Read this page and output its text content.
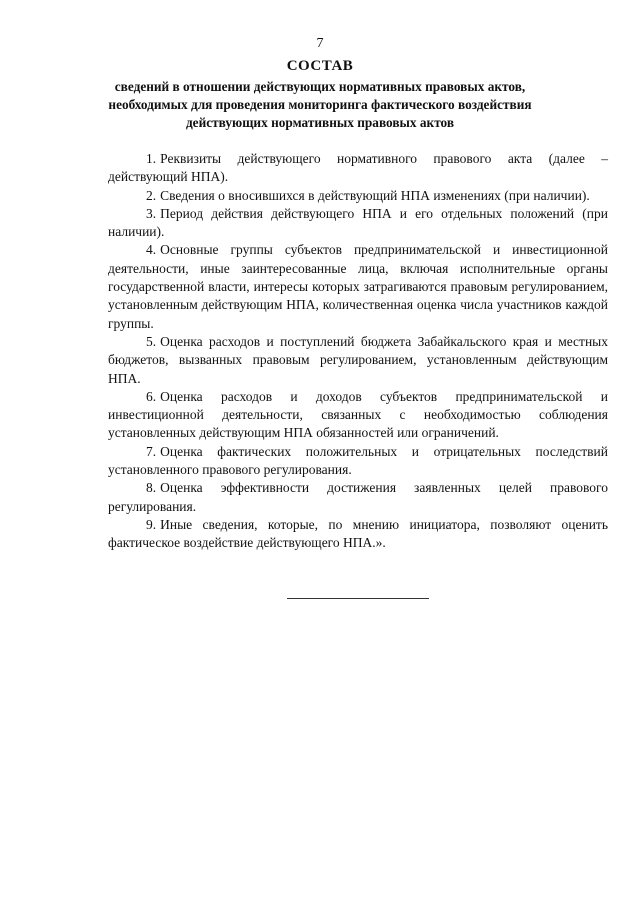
7
СОСТАВ
сведений в отношении действующих нормативных правовых актов, необходимых для проведения мониторинга фактического воздействия действующих нормативных правовых актов

1. Реквизиты действующего нормативного правового акта (далее – действующий НПА).

2. Сведения о вносившихся в действующий НПА изменениях (при наличии).

3. Период действия действующего НПА и его отдельных положений (при наличии).

4. Основные группы субъектов предпринимательской и инвестиционной деятельности, иные заинтересованные лица, включая исполнительные органы государственной власти, интересы которых затрагиваются правовым регулированием, установленным действующим НПА, количественная оценка числа участников каждой группы.

5. Оценка расходов и поступлений бюджета Забайкальского края и местных бюджетов, вызванных правовым регулированием, установленным действующим НПА.

6. Оценка расходов и доходов субъектов предпринимательской и инвестиционной деятельности, связанных с необходимостью соблюдения установленных действующим НПА обязанностей или ограничений.

7. Оценка фактических положительных и отрицательных последствий установленного правового регулирования.

8. Оценка эффективности достижения заявленных целей правового регулирования.

9. Иные сведения, которые, по мнению инициатора, позволяют оценить фактическое воздействие действующего НПА.».
